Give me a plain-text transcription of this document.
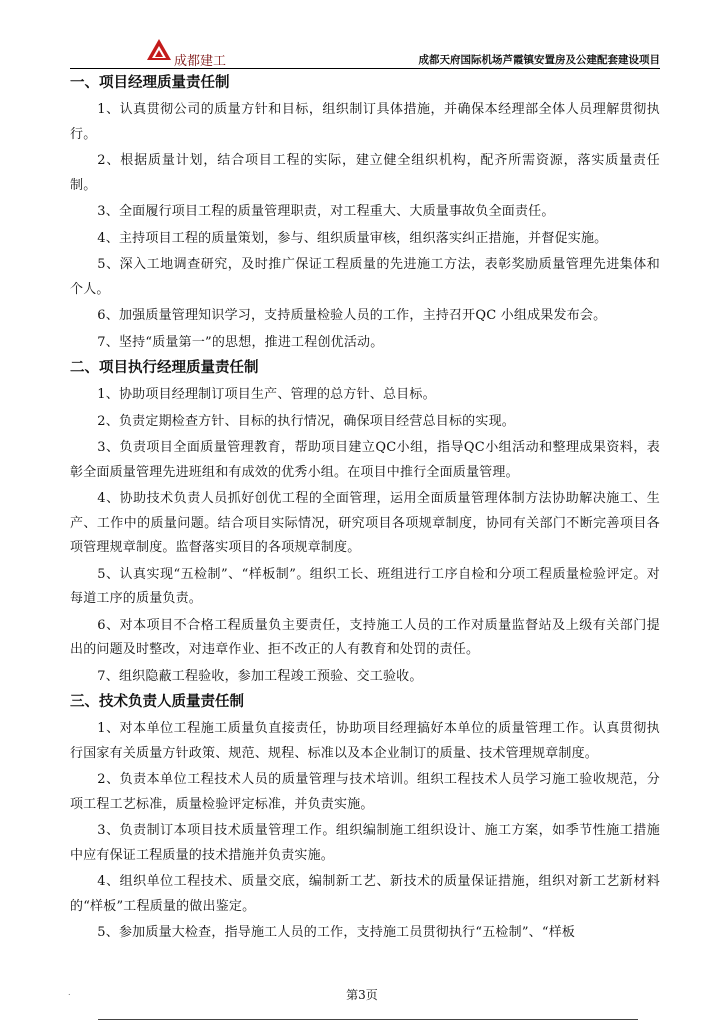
成都建工	成都天府国际机场芦霞镇安置房及公建配套建设项目
一、项目经理质量责任制

1、认真贯彻公司的质量方针和目标，组织制订具体措施，并确保本经理部全体人员理解贯彻执行。

2、根据质量计划，结合项目工程的实际，建立健全组织机构，配齐所需资源，落实质量责任制。

3、全面履行项目工程的质量管理职责，对工程重大、大质量事故负全面责任。

4、主持项目工程的质量策划，参与、组织质量审核，组织落实纠正措施，并督促实施。

5、深入工地调查研究，及时推广保证工程质量的先进施工方法，表彰奖励质量管理先进集体和个人。

6、加强质量管理知识学习，支持质量检验人员的工作，主持召开QC 小组成果发布会。

7、坚持“质量第一”的思想，推进工程创优活动。

二、项目执行经理质量责任制

1、协助项目经理制订项目生产、管理的总方针、总目标。

2、负责定期检查方针、目标的执行情况，确保项目经营总目标的实现。

3、负责项目全面质量管理教育，帮助项目建立QC小组，指导QC小组活动和整理成果资料，表彰全面质量管理先进班组和有成效的优秀小组。在项目中推行全面质量管理。

4、协助技术负责人员抓好创优工程的全面管理，运用全面质量管理体制方法协助解决施工、生产、工作中的质量问题。结合项目实际情况，研究项目各项规章制度，协同有关部门不断完善项目各项管理规章制度。监督落实项目的各项规章制度。

5、认真实现“五检制”、“样板制”。组织工长、班组进行工序自检和分项工程质量检验评定。对每道工序的质量负责。

6、对本项目不合格工程质量负主要责任，支持施工人员的工作对质量监督站及上级有关部门提出的问题及时整改，对违章作业、拒不改正的人有教育和处罚的责任。

7、组织隐蔽工程验收，参加工程竣工预验、交工验收。

三、技术负责人质量责任制

1、对本单位工程施工质量负直接责任，协助项目经理搞好本单位的质量管理工作。认真贯彻执行国家有关质量方针政策、规范、规程、标准以及本企业制订的质量、技术管理规章制度。

2、负责本单位工程技术人员的质量管理与技术培训。组织工程技术人员学习施工验收规范，分项工程工艺标准，质量检验评定标准，并负责实施。

3、负责制订本项目技术质量管理工作。组织编制施工组织设计、施工方案，如季节性施工措施中应有保证工程质量的技术措施并负责实施。

4、组织单位工程技术、质量交底，编制新工艺、新技术的质量保证措施，组织对新工艺新材料的“样板”工程质量的做出鉴定。

5、参加质量大检查，指导施工人员的工作，支持施工员贯彻执行“五检制”、“样板

.	第3页
